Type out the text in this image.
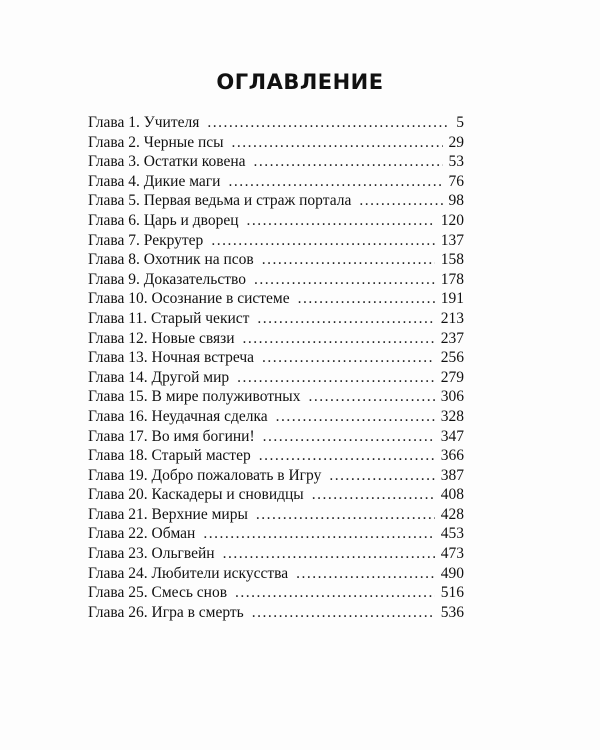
ОГЛАВЛЕНИЕ
Глава 1. Учителя .....	5
Глава 2. Черные псы .....	29
Глава 3. Остатки ковена .....	53
Глава 4. Дикие маги .....	76
Глава 5. Первая ведьма и страж портала .....	98
Глава 6. Царь и дворец .....	120
Глава 7. Рекрутер .....	137
Глава 8. Охотник на псов .....	158
Глава 9. Доказательство .....	178
Глава 10. Осознание в системе .....	191
Глава 11. Старый чекист .....	213
Глава 12. Новые связи .....	237
Глава 13. Ночная встреча .....	256
Глава 14. Другой мир .....	279
Глава 15. В мире полуживотных .....	306
Глава 16. Неудачная сделка .....	328
Глава 17. Во имя богини! .....	347
Глава 18. Старый мастер .....	366
Глава 19. Добро пожаловать в Игру .....	387
Глава 20. Каскадеры и сновидцы .....	408
Глава 21. Верхние миры .....	428
Глава 22. Обман .....	453
Глава 23. Ольгвейн .....	473
Глава 24. Любители искусства .....	490
Глава 25. Смесь снов .....	516
Глава 26. Игра в смерть .....	536
